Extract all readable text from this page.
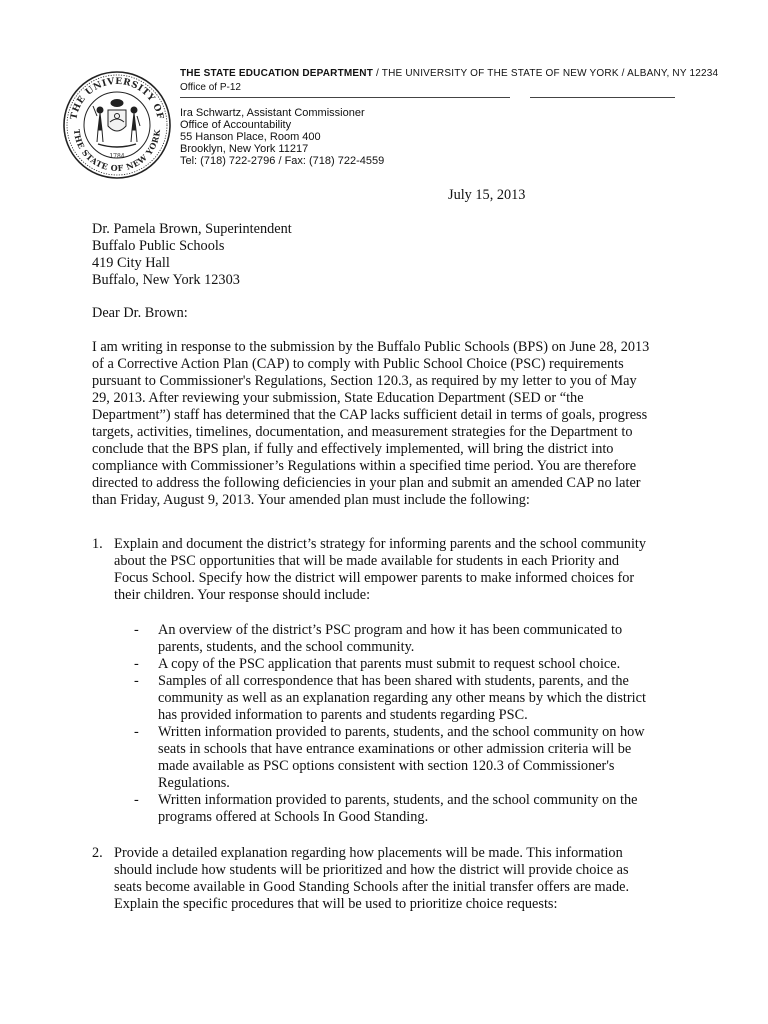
THE UNIVERSITY OF
THE STATE OF NEW YORK
1784
THE STATE EDUCATION DEPARTMENT / THE UNIVERSITY OF THE STATE OF NEW YORK / ALBANY, NY 12234
Office of P-12
Ira Schwartz, Assistant Commissioner
Office of Accountability
55 Hanson Place, Room 400
Brooklyn, New York 11217
Tel: (718) 722-2796 / Fax: (718) 722-4559
July 15, 2013
Dr. Pamela Brown, Superintendent
Buffalo Public Schools
419 City Hall
Buffalo, New York 12303
Dear Dr. Brown:
I am writing in response to the submission by the Buffalo Public Schools (BPS) on June 28, 2013
of a Corrective Action Plan (CAP) to comply with Public School Choice (PSC) requirements
pursuant to Commissioner's Regulations, Section 120.3, as required by my letter to you of May
29, 2013. After reviewing your submission, State Education Department (SED or “the
Department”) staff has determined that the CAP lacks sufficient detail in terms of goals, progress
targets, activities, timelines, documentation, and measurement strategies for the Department to
conclude that the BPS plan, if fully and effectively implemented, will bring the district into
compliance with Commissioner’s Regulations within a specified time period. You are therefore
directed to address the following deficiencies in your plan and submit an amended CAP no later
than Friday, August 9, 2013. Your amended plan must include the following:
1. Explain and document the district’s strategy for informing parents and the school community
about the PSC opportunities that will be made available for students in each Priority and
Focus School. Specify how the district will empower parents to make informed choices for
their children. Your response should include:
- An overview of the district’s PSC program and how it has been communicated to
parents, students, and the school community.
- A copy of the PSC application that parents must submit to request school choice.
- Samples of all correspondence that has been shared with students, parents, and the
community as well as an explanation regarding any other means by which the district
has provided information to parents and students regarding PSC.
- Written information provided to parents, students, and the school community on how
seats in schools that have entrance examinations or other admission criteria will be
made available as PSC options consistent with section 120.3 of Commissioner's
Regulations.
- Written information provided to parents, students, and the school community on the
programs offered at Schools In Good Standing.
2. Provide a detailed explanation regarding how placements will be made. This information
should include how students will be prioritized and how the district will provide choice as
seats become available in Good Standing Schools after the initial transfer offers are made.
Explain the specific procedures that will be used to prioritize choice requests:
